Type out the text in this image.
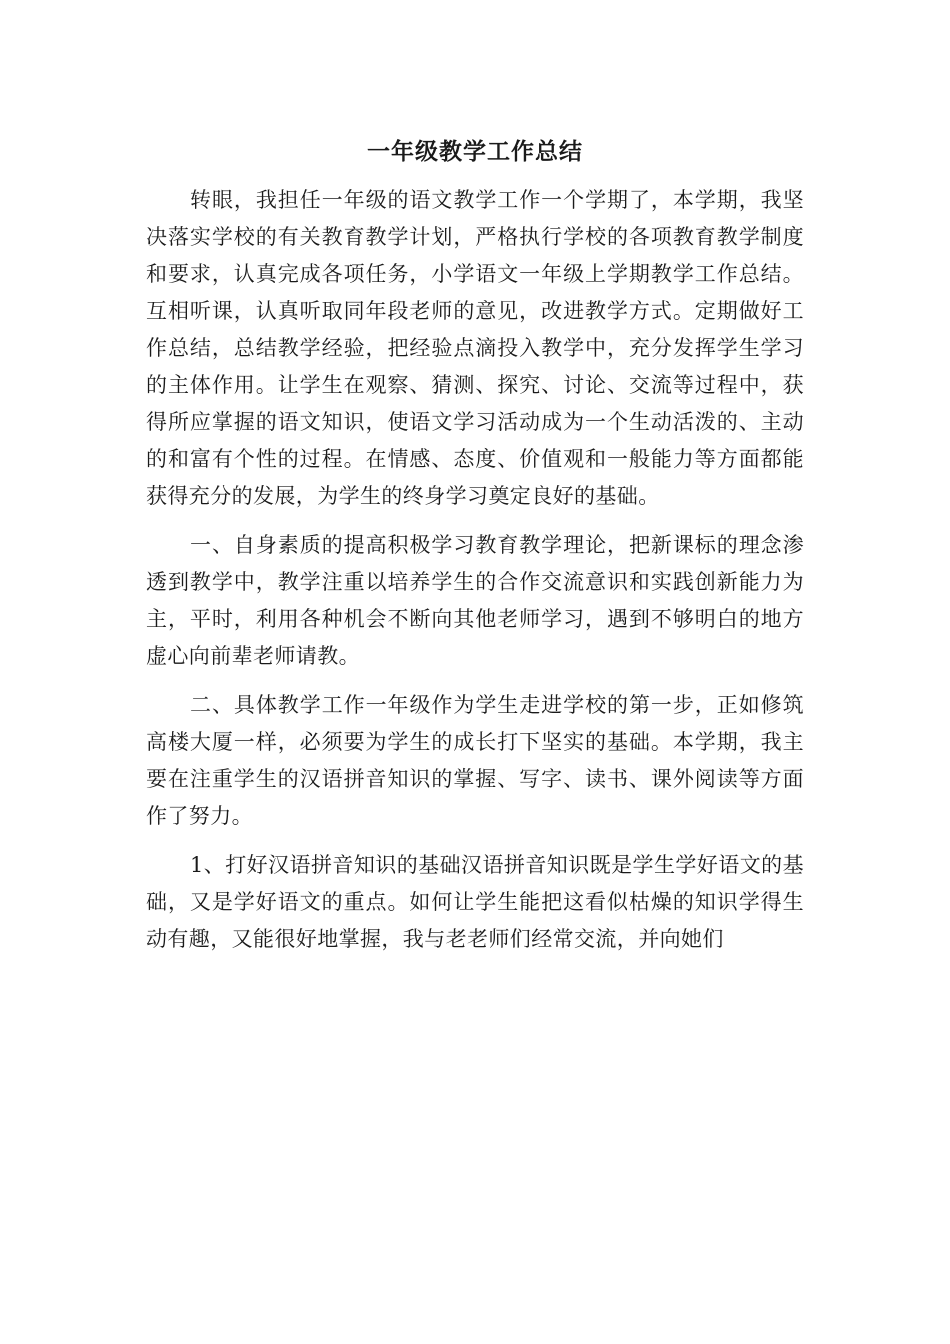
一年级教学工作总结

转眼，我担任一年级的语文教学工作一个学期了，本学期，我坚决落实学校的有关教育教学计划，严格执行学校的各项教育教学制度和要求，认真完成各项任务，小学语文一年级上学期教学工作总结。互相听课，认真听取同年段老师的意见，改进教学方式。定期做好工作总结，总结教学经验，把经验点滴投入教学中，充分发挥学生学习的主体作用。让学生在观察、猜测、探究、讨论、交流等过程中，获得所应掌握的语文知识，使语文学习活动成为一个生动活泼的、主动的和富有个性的过程。在情感、态度、价值观和一般能力等方面都能获得充分的发展，为学生的终身学习奠定良好的基础。

一、自身素质的提高积极学习教育教学理论，把新课标的理念渗透到教学中，教学注重以培养学生的合作交流意识和实践创新能力为主，平时，利用各种机会不断向其他老师学习，遇到不够明白的地方虚心向前辈老师请教。

二、具体教学工作一年级作为学生走进学校的第一步，正如修筑高楼大厦一样，必须要为学生的成长打下坚实的基础。本学期，我主要在注重学生的汉语拼音知识的掌握、写字、读书、课外阅读等方面作了努力。

1、打好汉语拼音知识的基础汉语拼音知识既是学生学好语文的基础，又是学好语文的重点。如何让学生能把这看似枯燥的知识学得生动有趣，又能很好地掌握，我与老老师们经常交流，并向她们
